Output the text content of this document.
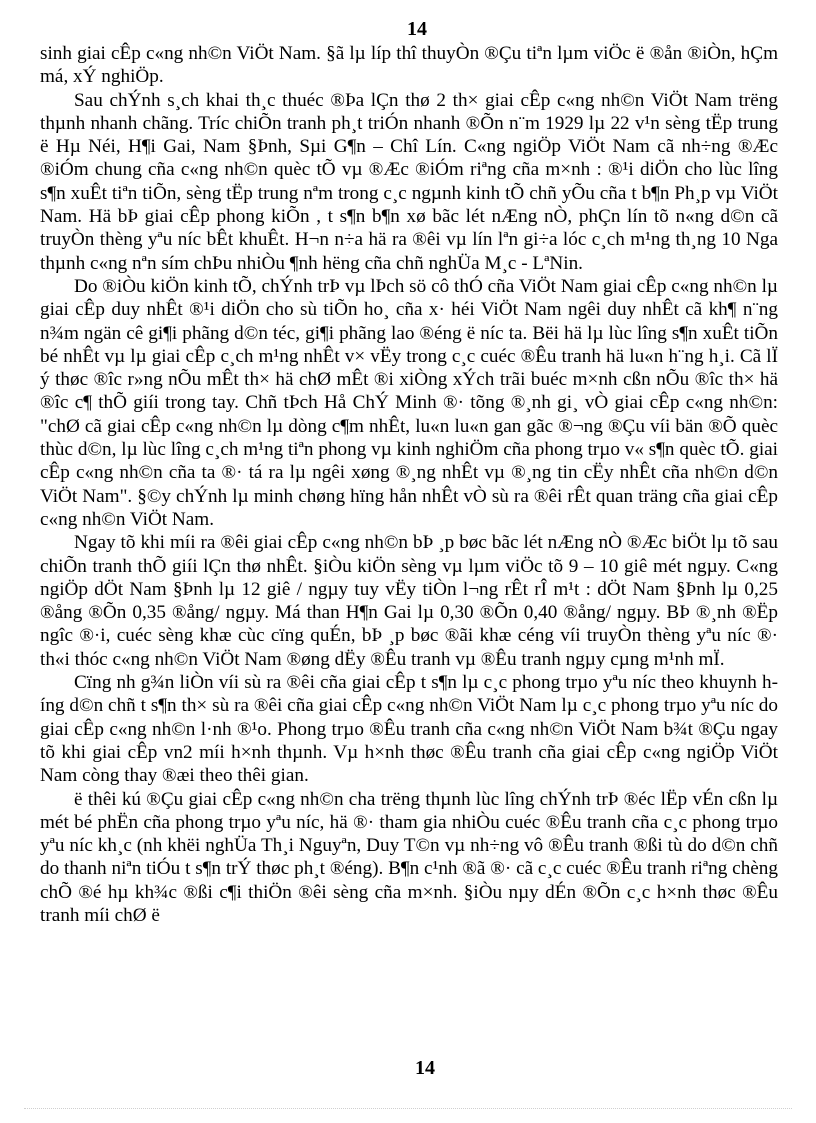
14

sinh giai cÊp c«ng nh©n ViÖt Nam. §ã lµ líp thî thuyÒn ®Çu tiªn lµm viÖc ë ®ån ®iÒn, hÇm má, xÝ nghiÖp.

Sau chÝnh s¸ch khai th¸c thuéc ®Þa lÇn thø 2 th× giai cÊp c«ng nh©n ViÖt Nam trëng thµnh nhanh chãng. Tríc chiÕn tranh ph¸t triÓn nhanh ®Õn n¨m 1929 lµ 22 v¹n sèng tËp trung ë Hµ Néi, H¶i Gai, Nam §Þnh, Sµi G¶n – Chî Lín. C«ng ngiÖp ViÖt Nam cã nh÷ng ®Æc ®iÓm chung cña c«ng nh©n quèc tÕ vµ ®Æc ®iÓm riªng cña m×nh : ®¹i diÖn cho lùc lîng s¶n xuÊt tiªn tiÕn, sèng tËp trung nªm trong c¸c ngµnh kinh tÕ chñ yÕu cña t b¶n Ph¸p vµ ViÖt Nam. Hä bÞ giai cÊp phong kiÕn , t s¶n b¶n xø bãc lét nÆng nÒ, phÇn lín tõ n«ng d©n cã truyÒn thèng yªu níc bÊt khuÊt. H¬n n÷a hä ra ®êi vµ lín lªn gi÷a lóc c¸ch m¹ng th¸ng 10 Nga thµnh c«ng nªn sím chÞu nhiÒu ¶nh hëng cña chñ nghÜa M¸c - LªNin.

Do ®iÒu kiÖn kinh tÕ, chÝnh trÞ vµ lÞch sö cô thÓ cña ViÖt Nam giai cÊp c«ng nh©n lµ giai cÊp duy nhÊt ®¹i diÖn cho sù tiÕn ho¸ cña x· héi ViÖt Nam ngêi duy nhÊt cã kh¶ n¨ng n¾m ngän cê gi¶i phãng d©n téc, gi¶i phãng lao ®éng ë níc ta. Bëi hä lµ lùc lîng s¶n xuÊt tiÕn bé nhÊt vµ lµ giai cÊp c¸ch m¹ng nhÊt v× vËy trong c¸c cuéc ®Êu tranh hä lu«n h¨ng h¸i. Cã lÏ ý thøc ®îc r»ng nÕu mÊt th× hä chØ mÊt ®i xiÒng xÝch trãi buéc m×nh cßn nÕu ®îc th× hä ®îc c¶ thÕ giíi trong tay. Chñ tÞch Hå ChÝ Minh ®· tõng ®¸nh gi¸ vÒ giai cÊp c«ng nh©n: "chØ cã giai cÊp c«ng nh©n lµ dòng c¶m nhÊt, lu«n lu«n gan gãc ®¬ng ®Çu víi bän ®Õ quèc thùc d©n, lµ lùc lîng c¸ch m¹ng tiªn phong vµ kinh nghiÖm cña phong trµo v« s¶n quèc tÕ. giai cÊp c«ng nh©n cña ta ®· tá ra lµ ngêi xøng ®¸ng nhÊt vµ ®¸ng tin cËy nhÊt cña nh©n d©n ViÖt Nam". §©y chÝnh lµ minh chøng hïng hån nhÊt vÒ sù ra ®êi rÊt quan träng cña giai cÊp c«ng nh©n ViÖt Nam.

Ngay tõ khi míi ra ®êi giai cÊp c«ng nh©n bÞ ¸p bøc bãc lét nÆng nÒ ®Æc biÖt lµ tõ sau chiÕn tranh thÕ giíi lÇn thø nhÊt. §iÒu kiÖn sèng vµ lµm viÖc tõ 9 – 10 giê mét ngµy. C«ng ngiÖp dÖt Nam §Þnh lµ 12 giê / ngµy tuy vËy tiÒn l¬ng rÊt rÎ m¹t : dÖt Nam §Þnh lµ 0,25 ®ång ®Õn 0,35 ®ång/ ngµy. Má than H¶n Gai lµ 0,30 ®Õn 0,40 ®ång/ ngµy. BÞ ®¸nh ®Ëp ngîc ®·i, cuéc sèng khæ cùc cïng quÉn, bÞ ¸p bøc ®ãi khæ céng víi truyÒn thèng yªu níc ®· th«i thóc c«ng nh©n ViÖt Nam ®øng dËy ®Êu tranh vµ ®Êu tranh ngµy cµng m¹nh mÏ.

Cïng nh g¾n liÒn víi sù ra ®êi cña giai cÊp t s¶n lµ c¸c phong trµo yªu níc theo khuynh híng d©n chñ t s¶n th× sù ra ®êi cña giai cÊp c«ng nh©n ViÖt Nam lµ c¸c phong trµo yªu níc do giai cÊp c«ng nh©n l·nh ®¹o. Phong trµo ®Êu tranh cña c«ng nh©n ViÖt Nam b¾t ®Çu ngay tõ khi giai cÊp vn2 míi h×nh thµnh. Vµ h×nh thøc ®Êu tranh cña giai cÊp c«ng ngiÖp ViÖt Nam còng thay ®æi theo thêi gian.

ë thêi kú ®Çu giai cÊp c«ng nh©n cha trëng thµnh lùc lîng chÝnh trÞ ®éc lËp vÉn cßn lµ mét bé phËn cña phong trµo yªu níc, hä ®· tham gia nhiÒu cuéc ®Êu tranh cña c¸c phong trµo yªu níc kh¸c (nh khëi nghÜa Th¸i Nguyªn, Duy T©n vµ nh÷ng vô ®Êu tranh ®ßi tù do d©n chñ do thanh niªn tiÓu t s¶n trÝ thøc ph¸t ®éng). B¶n c¹nh ®ã ®· cã c¸c cuéc ®Êu tranh riªng chèng chÕ ®é hµ kh¾c ®ßi c¶i thiÖn ®êi sèng cña m×nh. §iÒu nµy dÉn ®Õn c¸c h×nh thøc ®Êu tranh míi chØ ë

14
